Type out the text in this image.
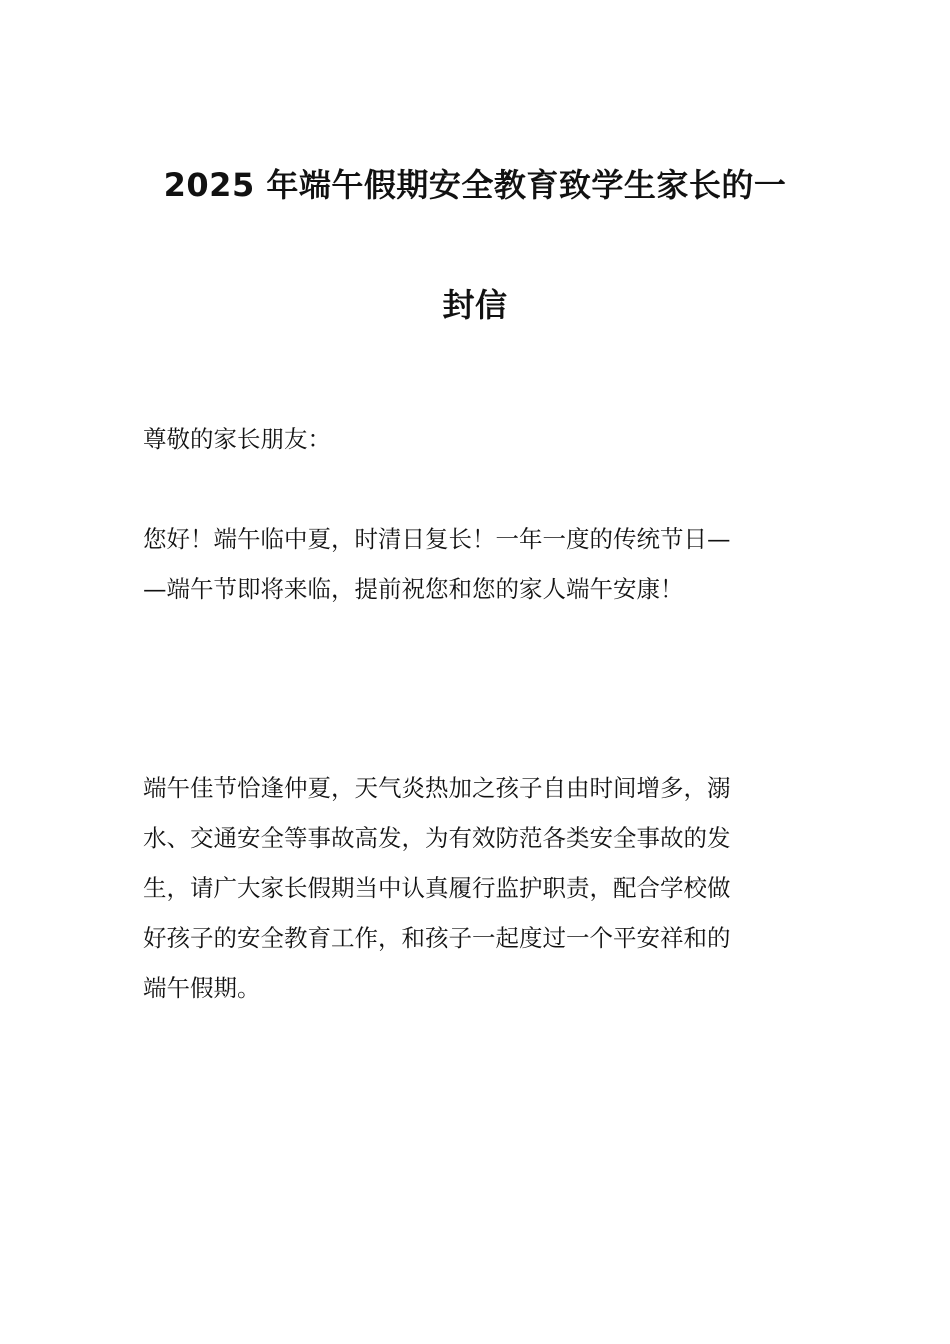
2025 年端午假期安全教育致学生家长的一
封信
尊敬的家长朋友：
您好！端午临中夏，时清日复长！一年一度的传统节日—
—端午节即将来临，提前祝您和您的家人端午安康！
端午佳节恰逢仲夏，天气炎热加之孩子自由时间增多，溺
水、交通安全等事故高发，为有效防范各类安全事故的发
生，请广大家长假期当中认真履行监护职责，配合学校做
好孩子的安全教育工作，和孩子一起度过一个平安祥和的
端午假期。
